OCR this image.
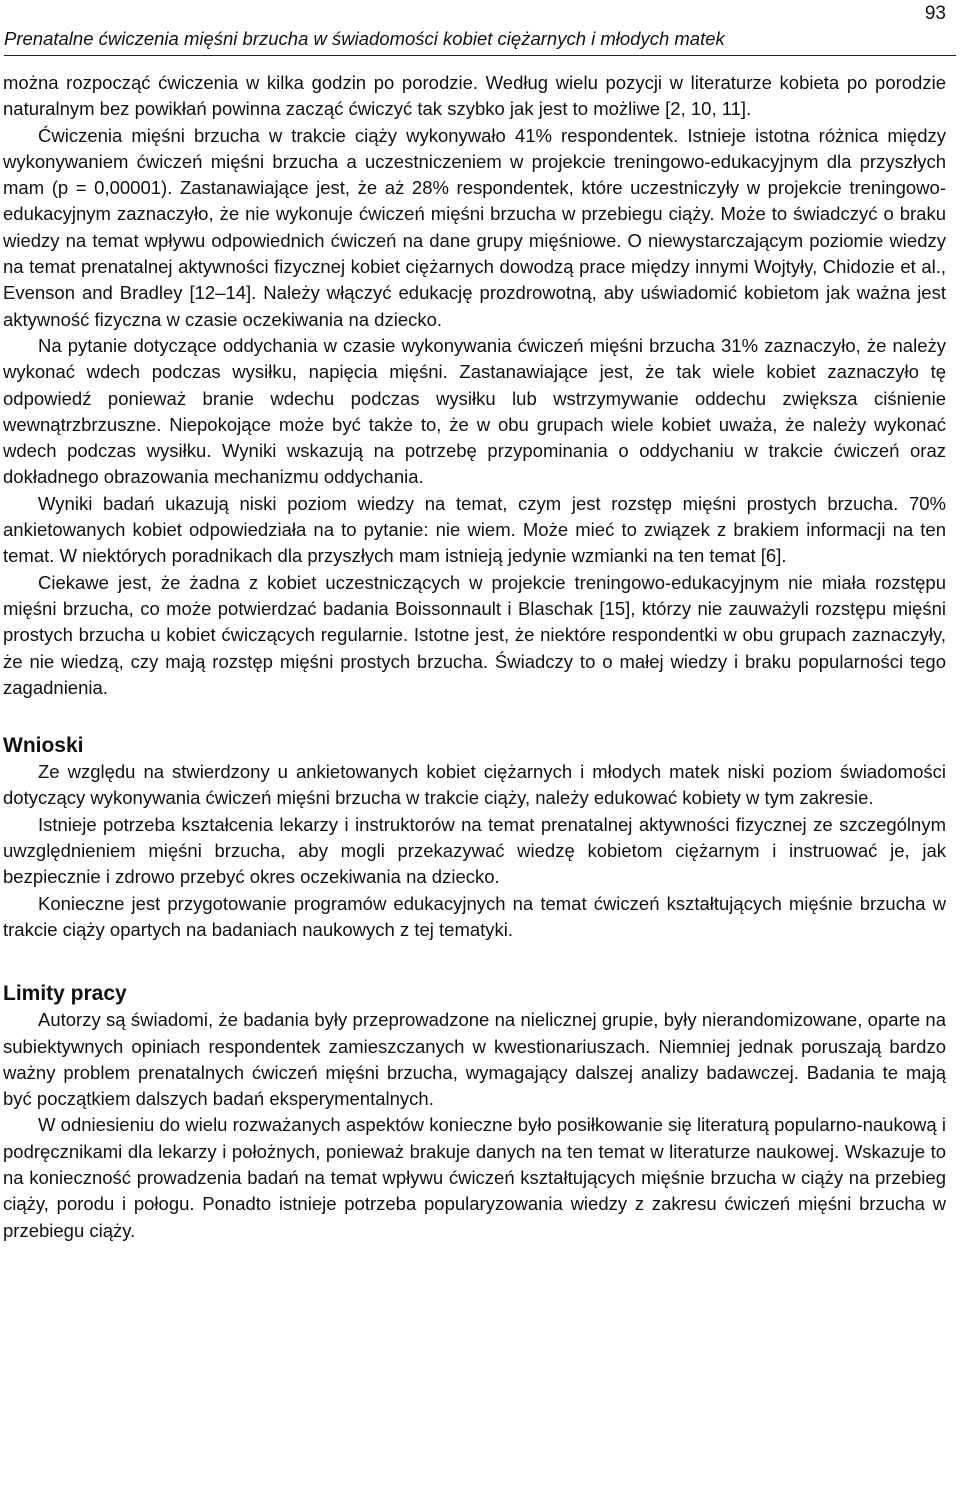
93
Prenatalne ćwiczenia mięśni brzucha w świadomości kobiet ciężarnych i młodych matek

można rozpocząć ćwiczenia w kilka godzin po porodzie. Według wielu pozycji w literaturze kobieta po porodzie naturalnym bez powikłań powinna zacząć ćwiczyć tak szybko jak jest to możliwe [2, 10, 11].

Ćwiczenia mięśni brzucha w trakcie ciąży wykonywało 41% respondentek. Istnieje istotna różnica między wykonywaniem ćwiczeń mięśni brzucha a uczestniczeniem w projekcie treningowo-edukacyjnym dla przyszłych mam (p = 0,00001). Zastanawiające jest, że aż 28% respondentek, które uczestniczyły w projekcie treningowo-edukacyjnym zaznaczyło, że nie wykonuje ćwiczeń mięśni brzucha w przebiegu ciąży. Może to świadczyć o braku wiedzy na temat wpływu odpowiednich ćwiczeń na dane grupy mięśniowe. O niewystarczającym poziomie wiedzy na temat prenatalnej aktywności fizycznej kobiet ciężarnych dowodzą prace między innymi Wojtyły, Chidozie et al., Evenson and Bradley [12–14]. Należy włączyć edukację prozdrowotną, aby uświadomić kobietom jak ważna jest aktywność fizyczna w czasie oczekiwania na dziecko.

Na pytanie dotyczące oddychania w czasie wykonywania ćwiczeń mięśni brzucha 31% zaznaczyło, że należy wykonać wdech podczas wysiłku, napięcia mięśni. Zastanawiające jest, że tak wiele kobiet zaznaczyło tę odpowiedź ponieważ branie wdechu podczas wysiłku lub wstrzymywanie oddechu zwiększa ciśnienie wewnątrzbrzuszne. Niepokojące może być także to, że w obu grupach wiele kobiet uważa, że należy wykonać wdech podczas wysiłku. Wyniki wskazują na potrzebę przypominania o oddychaniu w trakcie ćwiczeń oraz dokładnego obrazowania mechanizmu oddychania.

Wyniki badań ukazują niski poziom wiedzy na temat, czym jest rozstęp mięśni prostych brzucha. 70% ankietowanych kobiet odpowiedziała na to pytanie: nie wiem. Może mieć to związek z brakiem informacji na ten temat. W niektórych poradnikach dla przyszłych mam istnieją jedynie wzmianki na ten temat [6].

Ciekawe jest, że żadna z kobiet uczestniczących w projekcie treningowo-edukacyjnym nie miała rozstępu mięśni brzucha, co może potwierdzać badania Boissonnault i Blaschak [15], którzy nie zauważyli rozstępu mięśni prostych brzucha u kobiet ćwiczących regularnie. Istotne jest, że niektóre respondentki w obu grupach zaznaczyły, że nie wiedzą, czy mają rozstęp mięśni prostych brzucha. Świadczy to o małej wiedzy i braku popularności tego zagadnienia.

Wnioski

Ze względu na stwierdzony u ankietowanych kobiet ciężarnych i młodych matek niski poziom świadomości dotyczący wykonywania ćwiczeń mięśni brzucha w trakcie ciąży, należy edukować kobiety w tym zakresie.

Istnieje potrzeba kształcenia lekarzy i instruktorów na temat prenatalnej aktywności fizycznej ze szczególnym uwzględnieniem mięśni brzucha, aby mogli przekazywać wiedzę kobietom ciężarnym i instruować je, jak bezpiecznie i zdrowo przebyć okres oczekiwania na dziecko.

Konieczne jest przygotowanie programów edukacyjnych na temat ćwiczeń kształtujących mięśnie brzucha w trakcie ciąży opartych na badaniach naukowych z tej tematyki.

Limity pracy

Autorzy są świadomi, że badania były przeprowadzone na nielicznej grupie, były nierandomizowane, oparte na subiektywnych opiniach respondentek zamieszczanych w kwestionariuszach. Niemniej jednak poruszają bardzo ważny problem prenatalnych ćwiczeń mięśni brzucha, wymagający dalszej analizy badawczej. Badania te mają być początkiem dalszych badań eksperymentalnych.

W odniesieniu do wielu rozważanych aspektów konieczne było posiłkowanie się literaturą popularno-naukową i podręcznikami dla lekarzy i położnych, ponieważ brakuje danych na ten temat w literaturze naukowej. Wskazuje to na konieczność prowadzenia badań na temat wpływu ćwiczeń kształtujących mięśnie brzucha w ciąży na przebieg ciąży, porodu i połogu. Ponadto istnieje potrzeba popularyzowania wiedzy z zakresu ćwiczeń mięśni brzucha w przebiegu ciąży.
